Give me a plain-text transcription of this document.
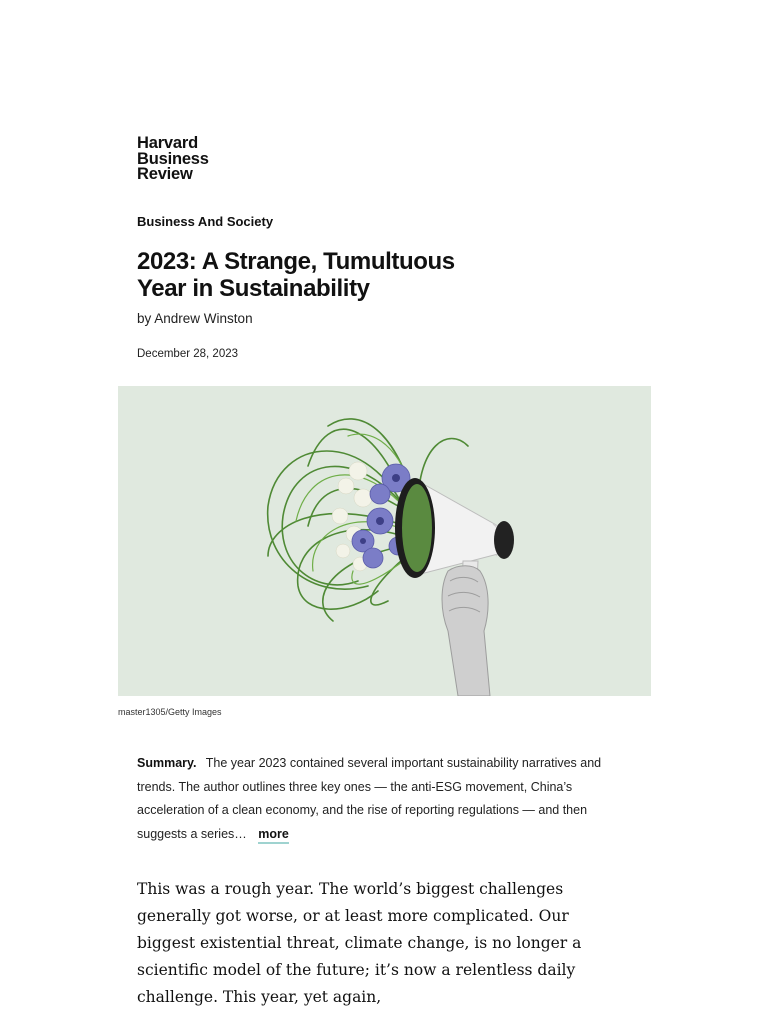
Harvard
Business
Review
Business And Society
2023: A Strange, Tumultuous
Year in Sustainability
by Andrew Winston
December 28, 2023
master1305/Getty Images
Summary. The year 2023 contained several important sustainability narratives and trends. The author outlines three key ones — the anti-ESG movement, China’s acceleration of a clean economy, and the rise of reporting regulations — and then suggests a series… more

This was a rough year. The world’s biggest challenges generally got worse, or at least more complicated. Our biggest existential threat, climate change, is no longer a scientific model of the future; it’s now a relentless daily challenge. This year, yet again,
